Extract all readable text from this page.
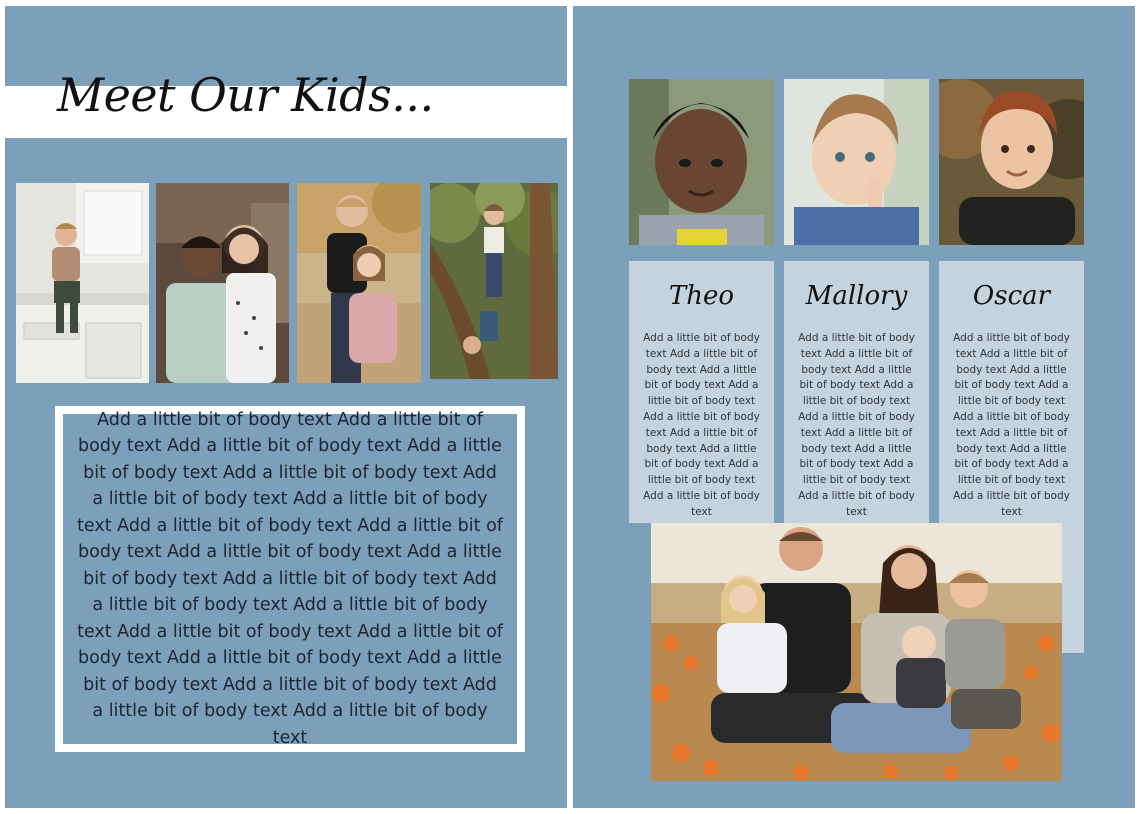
Meet Our Kids...

Add a little bit of body text Add a little bit of body text Add a little bit of body text Add a little bit of body text Add a little bit of body text Add a little bit of body text Add a little bit of body text Add a little bit of body text Add a little bit of body text Add a little bit of body text Add a little bit of body text Add a little bit of body text Add a little bit of body text Add a little bit of body text Add a little bit of body text Add a little bit of body text Add a little bit of body text Add a little bit of body text Add a little bit of body text Add a little bit of body text Add a little bit of body text

Theo

Add a little bit of body text Add a little bit of body text Add a little bit of body text Add a little bit of body text Add a little bit of body text Add a little bit of body text Add a little bit of body text Add a little bit of body text Add a little bit of body text

Mallory

Add a little bit of body text Add a little bit of body text Add a little bit of body text Add a little bit of body text Add a little bit of body text Add a little bit of body text Add a little bit of body text Add a little bit of body text Add a little bit of body text

Oscar

Add a little bit of body text Add a little bit of body text Add a little bit of body text Add a little bit of body text Add a little bit of body text Add a little bit of body text Add a little bit of body text Add a little bit of body text Add a little bit of body text
